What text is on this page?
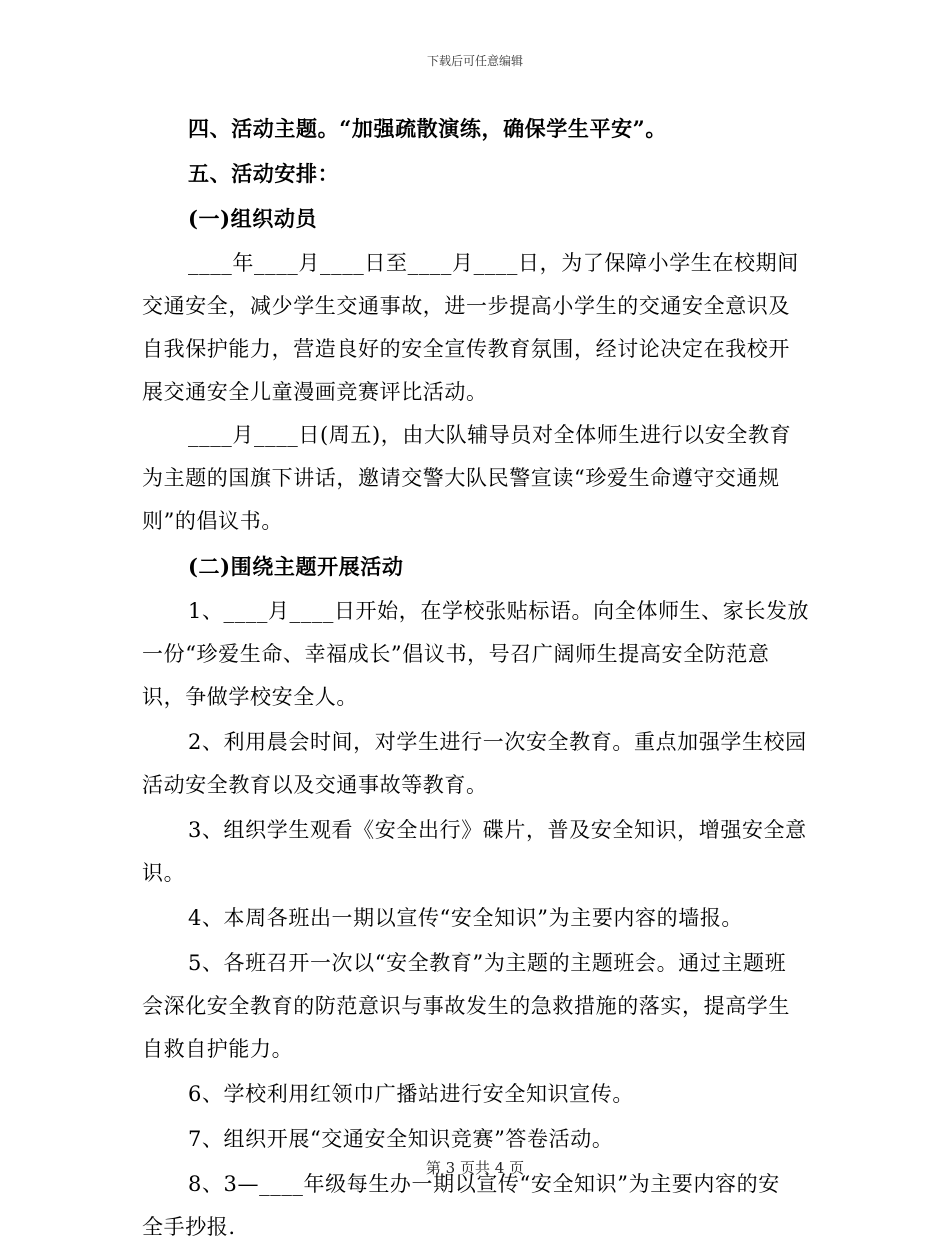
下载后可任意编辑

四、活动主题。“加强疏散演练，确保学生平安”。

五、活动安排：

(一)组织动员

____年____月____日至____月____日，为了保障小学生在校期间

交通安全，减少学生交通事故，进一步提高小学生的交通安全意识及

自我保护能力，营造良好的安全宣传教育氛围，经讨论决定在我校开

展交通安全儿童漫画竞赛评比活动。

____月____日(周五)，由大队辅导员对全体师生进行以安全教育

为主题的国旗下讲话，邀请交警大队民警宣读“珍爱生命遵守交通规

则”的倡议书。

(二)围绕主题开展活动

1、____月____日开始，在学校张贴标语。向全体师生、家长发放

一份“珍爱生命、幸福成长”倡议书，号召广阔师生提高安全防范意

识，争做学校安全人。

2、利用晨会时间，对学生进行一次安全教育。重点加强学生校园

活动安全教育以及交通事故等教育。

3、组织学生观看《安全出行》碟片，普及安全知识，增强安全意

识。

4、本周各班出一期以宣传“安全知识”为主要内容的墙报。

5、各班召开一次以“安全教育”为主题的主题班会。通过主题班

会深化安全教育的防范意识与事故发生的急救措施的落实，提高学生

自救自护能力。

6、学校利用红领巾广播站进行安全知识宣传。

7、组织开展“交通安全知识竞赛”答卷活动。

8、3—____年级每生办一期以宣传“安全知识”为主要内容的安

全手抄报.

第 3 页共 4 页
